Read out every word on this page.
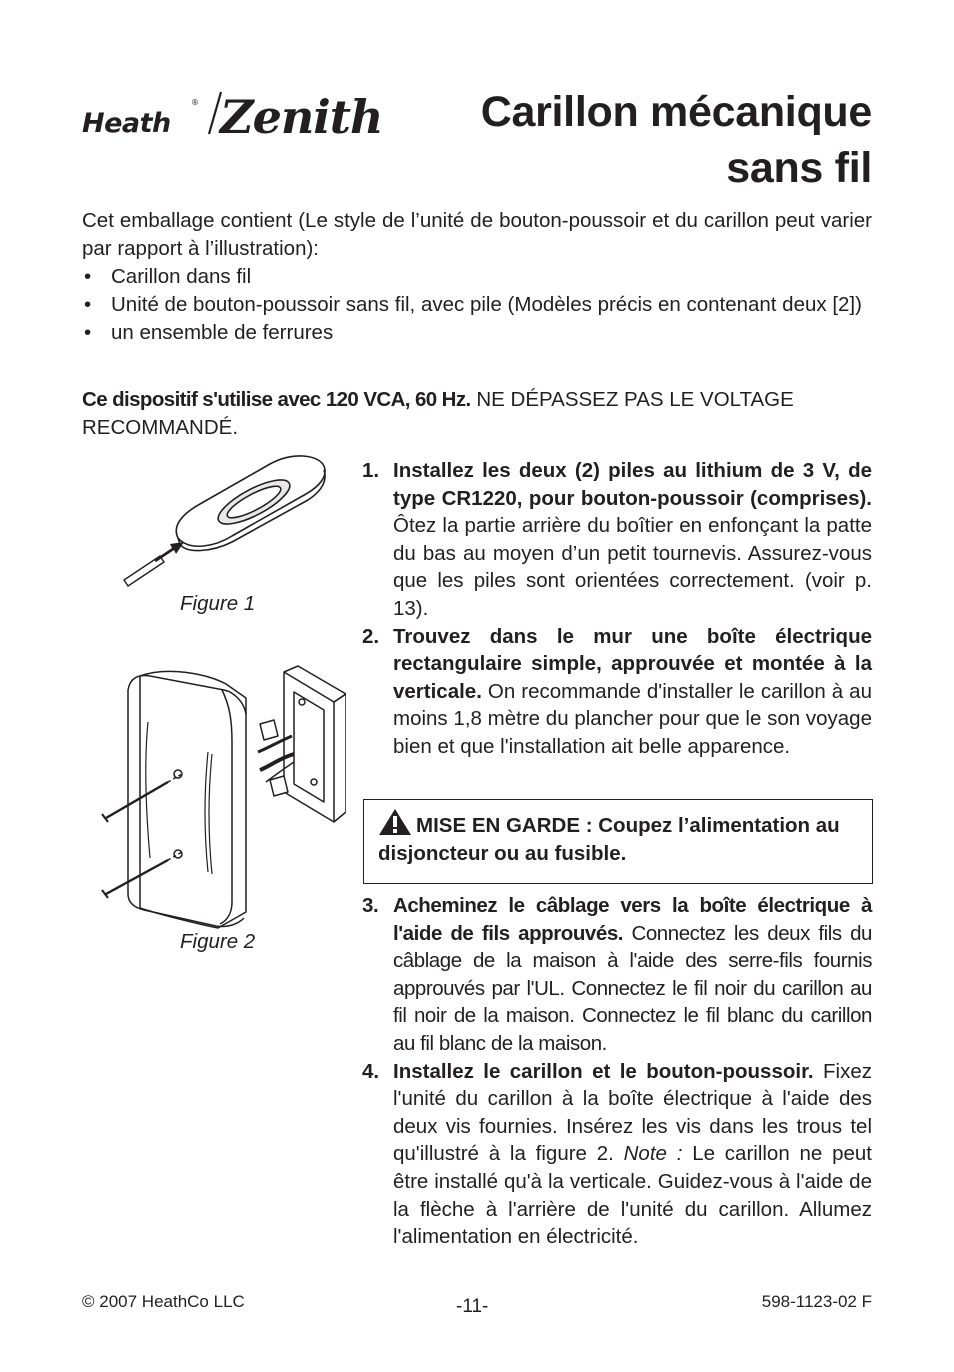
Heath
® Zenith Carillon mécanique
sans fil

Cet emballage contient (Le style de l’unité de bouton-poussoir et du carillon peut varier par rapport à l’illustration):

• Carillon dans fil
• Unité de bouton-poussoir sans fil, avec pile (Modèles précis en contenant deux [2])
• un ensemble de ferrures

Ce dispositif s'utilise avec 120 VCA, 60 Hz. NE DÉPASSEZ PAS LE VOLTAGE RECOMMANDÉ.

Figure 1
Figure 2
1. Installez les deux (2) piles au lithium de 3 V, de type CR1220, pour bouton-poussoir (comprises). Ôtez la partie arrière du boîtier en enfonçant la patte du bas au moyen d’un petit tournevis. Assurez-vous que les piles sont orientées correctement. (voir p. 13).
2. Trouvez dans le mur une boîte électrique rectangulaire simple, approuvée et montée à la verticale. On recommande d'installer le carillon à au moins 1,8 mètre du plancher pour que le son voyage bien et que l'installation ait belle apparence.
MISE EN GARDE : Coupez l’alimentation au disjoncteur ou au fusible.
3. Acheminez le câblage vers la boîte électrique à l'aide de fils approuvés. Connectez les deux fils du câblage de la maison à l'aide des serre-fils fournis approuvés par l'UL. Connectez le fil noir du carillon au fil noir de la maison. Connectez le fil blanc du carillon au fil blanc de la maison.
4. Installez le carillon et le bouton-poussoir. Fixez l'unité du carillon à la boîte électrique à l'aide des deux vis fournies. Insérez les vis dans les trous tel qu'illustré à la figure 2. Note : Le carillon ne peut être installé qu'à la verticale. Guidez-vous à l'aide de la flèche à l'arrière de l'unité du carillon. Allumez l'alimentation en électricité.
© 2007 HeathCo LLC	-11-	598-1123-02 F
